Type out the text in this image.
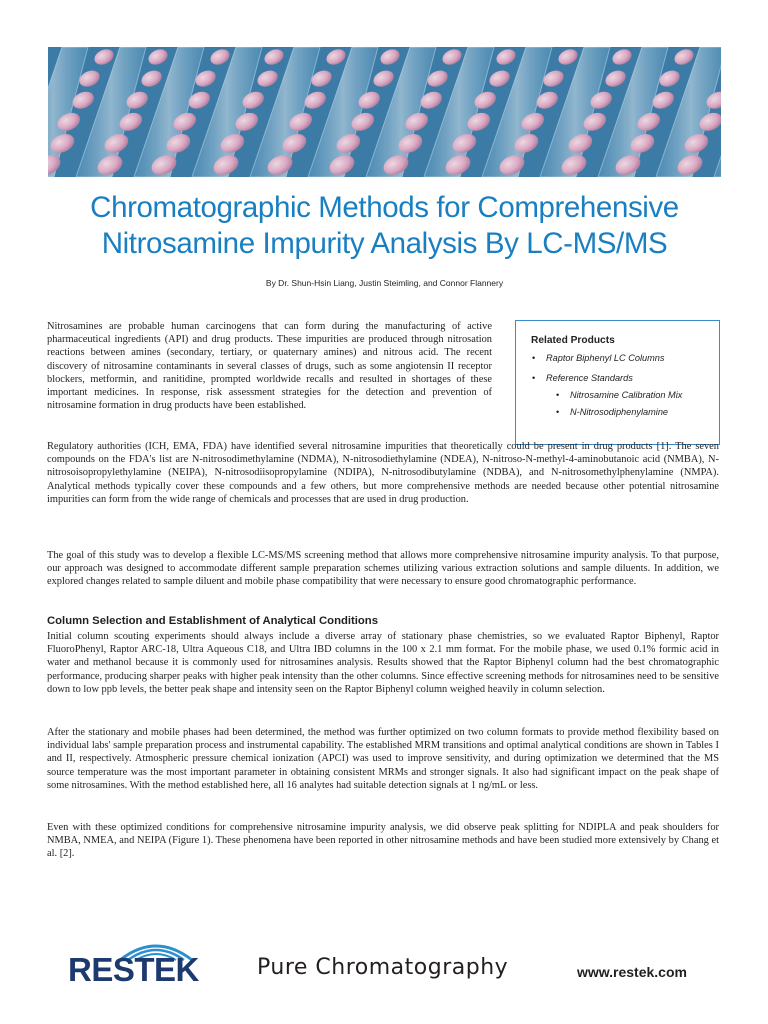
Chromatographic Methods for Comprehensive
Nitrosamine Impurity Analysis By LC-MS/MS
By Dr. Shun-Hsin Liang, Justin Steimling, and Connor Flannery

Nitrosamines are probable human carcinogens that can form during the manufacturing of active pharmaceutical ingredients (API) and drug products. These impurities are produced through nitrosation reactions between amines (secondary, tertiary, or quaternary amines) and nitrous acid. The recent discovery of nitrosamine contaminants in several classes of drugs, such as some angiotensin II receptor blockers, metformin, and ranitidine, prompted worldwide recalls and resulted in shortages of these important medicines. In response, risk assessment strategies for the detection and prevention of nitrosamine formation in drug products have been established.

Related Products
• Raptor Biphenyl LC Columns
• Reference Standards
• Nitrosamine Calibration Mix
• N-Nitrosodiphenylamine

Regulatory authorities (ICH, EMA, FDA) have identified several nitrosamine impurities that theoretically could be present in drug products [1]. The seven compounds on the FDA's list are N-nitrosodimethylamine (NDMA), N-nitrosodiethylamine (NDEA), N-nitroso-N-methyl-4-aminobutanoic acid (NMBA), N-nitrosoisopropylethylamine (NEIPA), N-nitrosodiisopropylamine (NDIPA), N-nitrosodibutylamine (NDBA), and N-nitrosomethylphenylamine (NMPA). Analytical methods typically cover these compounds and a few others, but more comprehensive methods are needed because other potential nitrosamine impurities can form from the wide range of chemicals and processes that are used in drug production.

The goal of this study was to develop a flexible LC-MS/MS screening method that allows more comprehensive nitrosamine impurity analysis. To that purpose, our approach was designed to accommodate different sample preparation schemes utilizing various extraction solutions and sample diluents. In addition, we explored changes related to sample diluent and mobile phase compatibility that were necessary to ensure good chromatographic performance.

Column Selection and Establishment of Analytical Conditions

Initial column scouting experiments should always include a diverse array of stationary phase chemistries, so we evaluated Raptor Biphenyl, Raptor FluoroPhenyl, Raptor ARC-18, Ultra Aqueous C18, and Ultra IBD columns in the 100 x 2.1 mm format. For the mobile phase, we used 0.1% formic acid in water and methanol because it is commonly used for nitrosamines analysis. Results showed that the Raptor Biphenyl column had the best chromatographic performance, producing sharper peaks with higher peak intensity than the other columns. Since effective screening methods for nitrosamines need to be sensitive down to low ppb levels, the better peak shape and intensity seen on the Raptor Biphenyl column weighed heavily in column selection.

After the stationary and mobile phases had been determined, the method was further optimized on two column formats to provide method flexibility based on individual labs' sample preparation process and instrumental capability. The established MRM transitions and optimal analytical conditions are shown in Tables I and II, respectively. Atmospheric pressure chemical ionization (APCI) was used to improve sensitivity, and during optimization we determined that the MS source temperature was the most important parameter in obtaining consistent MRMs and stronger signals. It also had significant impact on the peak shape of some nitrosamines. With the method established here, all 16 analytes had suitable detection signals at 1 ng/mL or less.

Even with these optimized conditions for comprehensive nitrosamine impurity analysis, we did observe peak splitting for NDIPLA and peak shoulders for NMBA, NMEA, and NEIPA (Figure 1). These phenomena have been reported in other nitrosamine methods and have been studied more extensively by Chang et al. [2].

RESTEK	Pure Chromatography	www.restek.com
